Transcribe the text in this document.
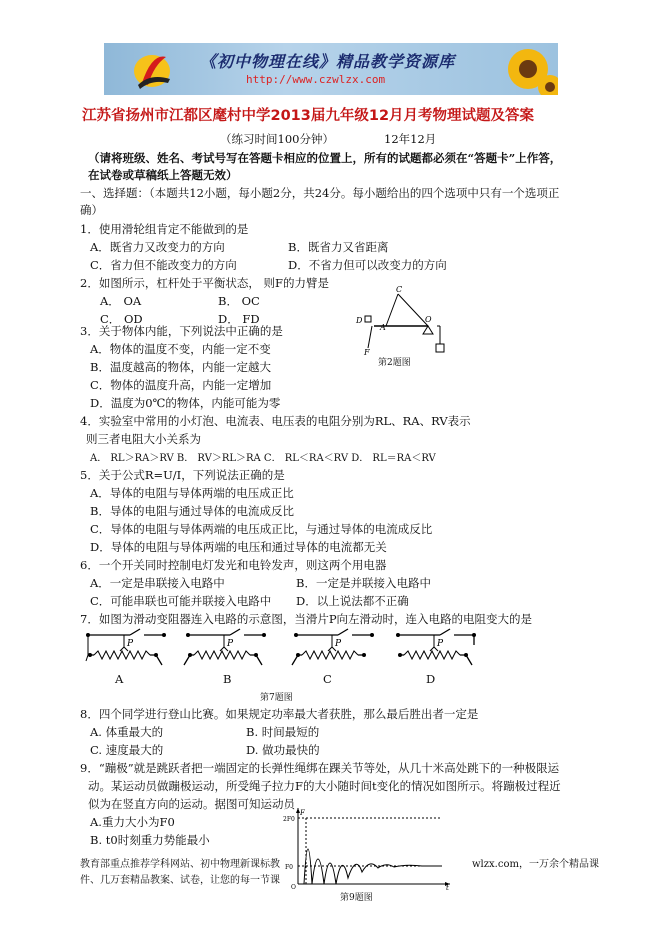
《初中物理在线》精品教学资源库
http://www.czwlzx.com
江苏省扬州市江都区麾村中学2013届九年级12月月考物理试题及答案
（练习时间100分钟）	12年12月
（请将班级、姓名、考试号写在答题卡相应的位置上，所有的试题都必须在“答题卡”上作答，
在试卷或草稿纸上答题无效）
一、选择题：（本题共12小题，每小题2分，共24分。每小题给出的四个选项中只有一个选项正
确）
1．使用滑轮组肯定不能做到的是
A．既省力又改变力的方向	B．既省力又省距离
C．省力但不能改变力的方向	D．不省力但可以改变力的方向
2．如图所示，杠杆处于平衡状态， 则F的力臂是
A． OA	B． OC
C． OD	D． FD
C
D
A
O
F
第2题图
3．关于物体内能，下列说法中正确的是
A．物体的温度不变，内能一定不变
B．温度越高的物体，内能一定越大
C．物体的温度升高，内能一定增加
D．温度为0℃的物体，内能可能为零
4．实验室中常用的小灯泡、电流表、电压表的电阻分别为RL、RA、RV表示
则三者电阻大小关系为
A． RL＞RA＞RV B． RV＞RL＞RA C． RL＜RA＜RV D． RL＝RA＜RV
5．关于公式R=U/I，下列说法正确的是
A．导体的电阻与导体两端的电压成正比
B．导体的电阻与通过导体的电流成反比
C．导体的电阻与导体两端的电压成正比，与通过导体的电流成反比
D．导体的电阻与导体两端的电压和通过导体的电流都无关
6．一个开关同时控制电灯发光和电铃发声，则这两个用电器
A．一定是串联接入电路中	B．一定是并联接入电路中
C．可能串联也可能并联接入电路中 D．以上说法都不正确
7．如图为滑动变阻器连入电路的示意图，当滑片P向左滑动时，连入电路的电阻变大的是
P	P	P	P
A	B	C	D
第7题图
8．四个同学进行登山比赛。如果规定功率最大者获胜，那么最后胜出者一定是
A. 体重最大的	B. 时间最短的
C. 速度最大的	D. 做功最快的
9．“蹦极”就是跳跃者把一端固定的长弹性绳绑在踝关节等处，从几十米高处跳下的一种极限运
动。某运动员做蹦极运动，所受绳子拉力F的大小随时间t变化的情况如图所示。将蹦极过程近
似为在竖直方向的运动。据图可知运动员
A.重力大小为F0
B. t0时刻重力势能最小
F
2F0
F0
O	t
第9题图
教育部重点推荐学科网站、初中物理新课标教
件、几万套精品教案、试卷，让您的每一节课
wlzx.com，一万余个精品课
